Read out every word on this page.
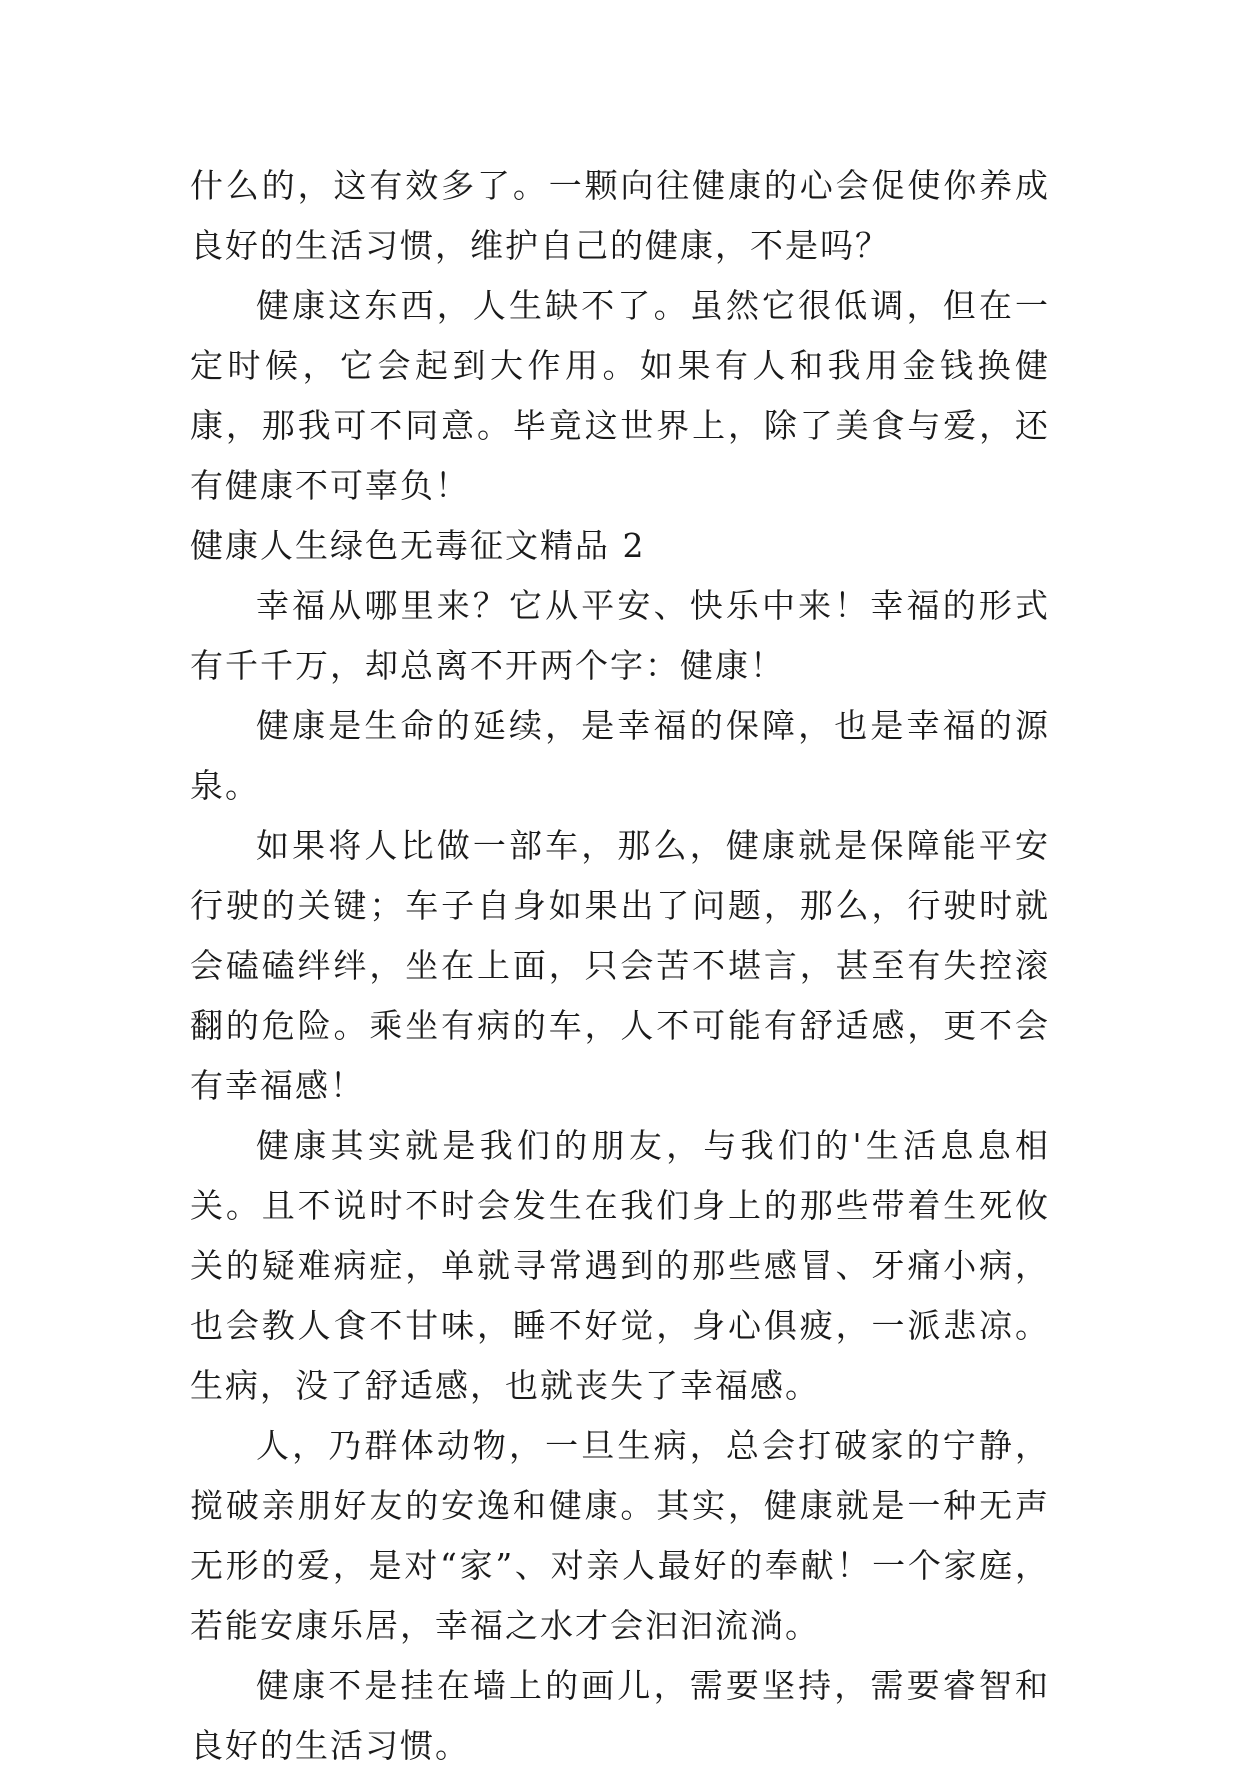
什么的，这有效多了。一颗向往健康的心会促使你养成良好的生活习惯，维护自己的健康，不是吗？

健康这东西，人生缺不了。虽然它很低调，但在一定时候，它会起到大作用。如果有人和我用金钱换健康，那我可不同意。毕竟这世界上，除了美食与爱，还有健康不可辜负！

健康人生绿色无毒征文精品 2

幸福从哪里来？它从平安、快乐中来！幸福的形式有千千万，却总离不开两个字：健康！

健康是生命的延续，是幸福的保障，也是幸福的源泉。

如果将人比做一部车，那么，健康就是保障能平安行驶的关键；车子自身如果出了问题，那么，行驶时就会磕磕绊绊，坐在上面，只会苦不堪言，甚至有失控滚翻的危险。乘坐有病的车，人不可能有舒适感，更不会有幸福感！

健康其实就是我们的朋友，与我们的'生活息息相关。且不说时不时会发生在我们身上的那些带着生死攸关的疑难病症，单就寻常遇到的那些感冒、牙痛小病，也会教人食不甘味，睡不好觉，身心俱疲，一派悲凉。生病，没了舒适感，也就丧失了幸福感。

人，乃群体动物，一旦生病，总会打破家的宁静，搅破亲朋好友的安逸和健康。其实，健康就是一种无声无形的爱，是对“家”、对亲人最好的奉献！一个家庭，若能安康乐居，幸福之水才会汩汩流淌。

健康不是挂在墙上的画儿，需要坚持，需要睿智和良好的生活习惯。
